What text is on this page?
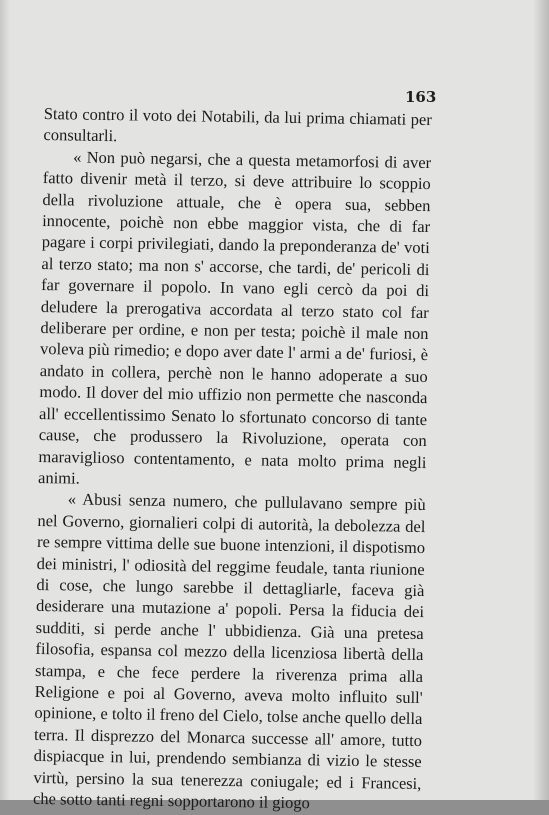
163

Stato contro il voto dei Notabili, da lui prima chiamati per consultarli.

« Non può negarsi, che a questa metamorfosi di aver fatto divenir metà il terzo, si deve attribuire lo scoppio della rivoluzione attuale, che è opera sua, sebben innocente, poichè non ebbe maggior vista, che di far pagare i corpi privilegiati, dando la preponderanza de' voti al terzo stato; ma non s' accorse, che tardi, de' pericoli di far governare il popolo. In vano egli cercò da poi di deludere la prerogativa accordata al terzo stato col far deliberare per ordine, e non per testa; poichè il male non voleva più rimedio; e dopo aver date l' armi a de' furiosi, è andato in collera, perchè non le hanno adoperate a suo modo. Il dover del mio uffizio non permette che nasconda all' eccellentissimo Senato lo sfortunato concorso di tante cause, che produssero la Rivoluzione, operata con maraviglioso contentamento, e nata molto prima negli animi.

« Abusi senza numero, che pullulavano sempre più nel Governo, giornalieri colpi di autorità, la debolezza del re sempre vittima delle sue buone intenzioni, il dispotismo dei ministri, l' odiosità del reggime feudale, tanta riunione di cose, che lungo sarebbe il dettagliarle, faceva già desiderare una mutazione a' popoli. Persa la fiducia dei sudditi, si perde anche l' ubbidienza. Già una pretesa filosofia, espansa col mezzo della licenziosa libertà della stampa, e che fece perdere la riverenza prima alla Religione e poi al Governo, aveva molto influito sull' opinione, e tolto il freno del Cielo, tolse anche quello della terra. Il disprezzo del Monarca successe all' amore, tutto dispiacque in lui, prendendo sembianza di vizio le stesse virtù, persino la sua tenerezza coniugale; ed i Francesi, che sotto tanti regni sopportarono il giogo
